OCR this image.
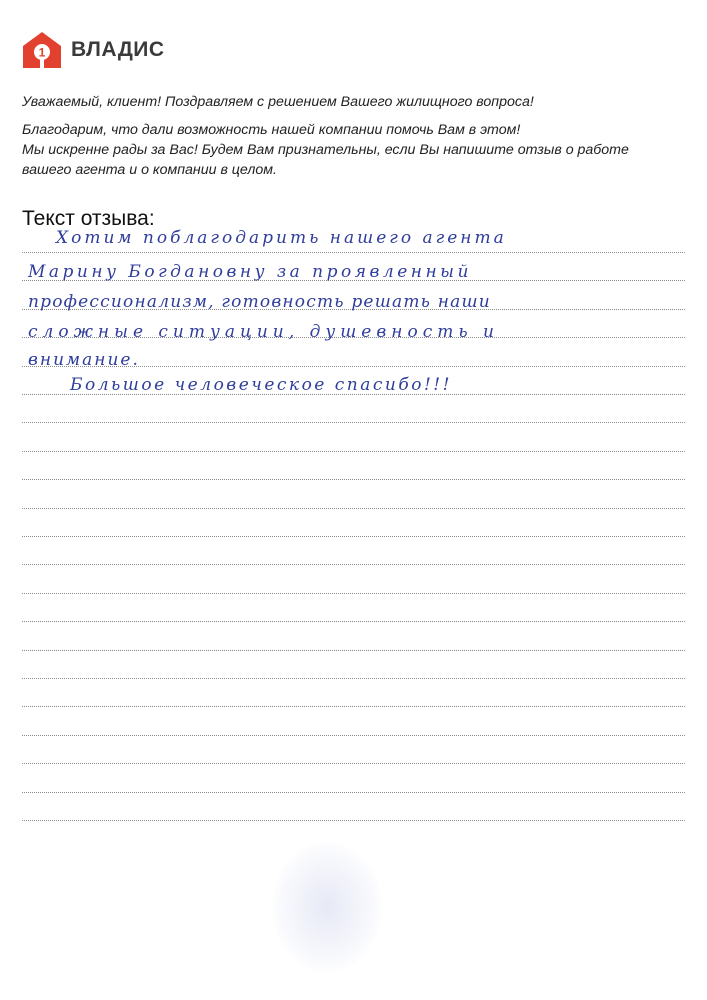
1 ВЛАДИС

Уважаемый, клиент! Поздравляем с решением Вашего жилищного вопроса!

Благодарим, что дали возможность нашей компании помочь Вам в этом!

Мы искренне рады за Вас! Будем Вам признательны, если Вы напишите отзыв о работе

вашего агента и о компании в целом.

Текст отзыва:
Хотим поблагодарить нашего агента
Марину Богдановну за проявленный
профессионализм, готовность решать наши
сложные ситуации, душевность и
внимание.
Большое человеческое спасибо!!!
